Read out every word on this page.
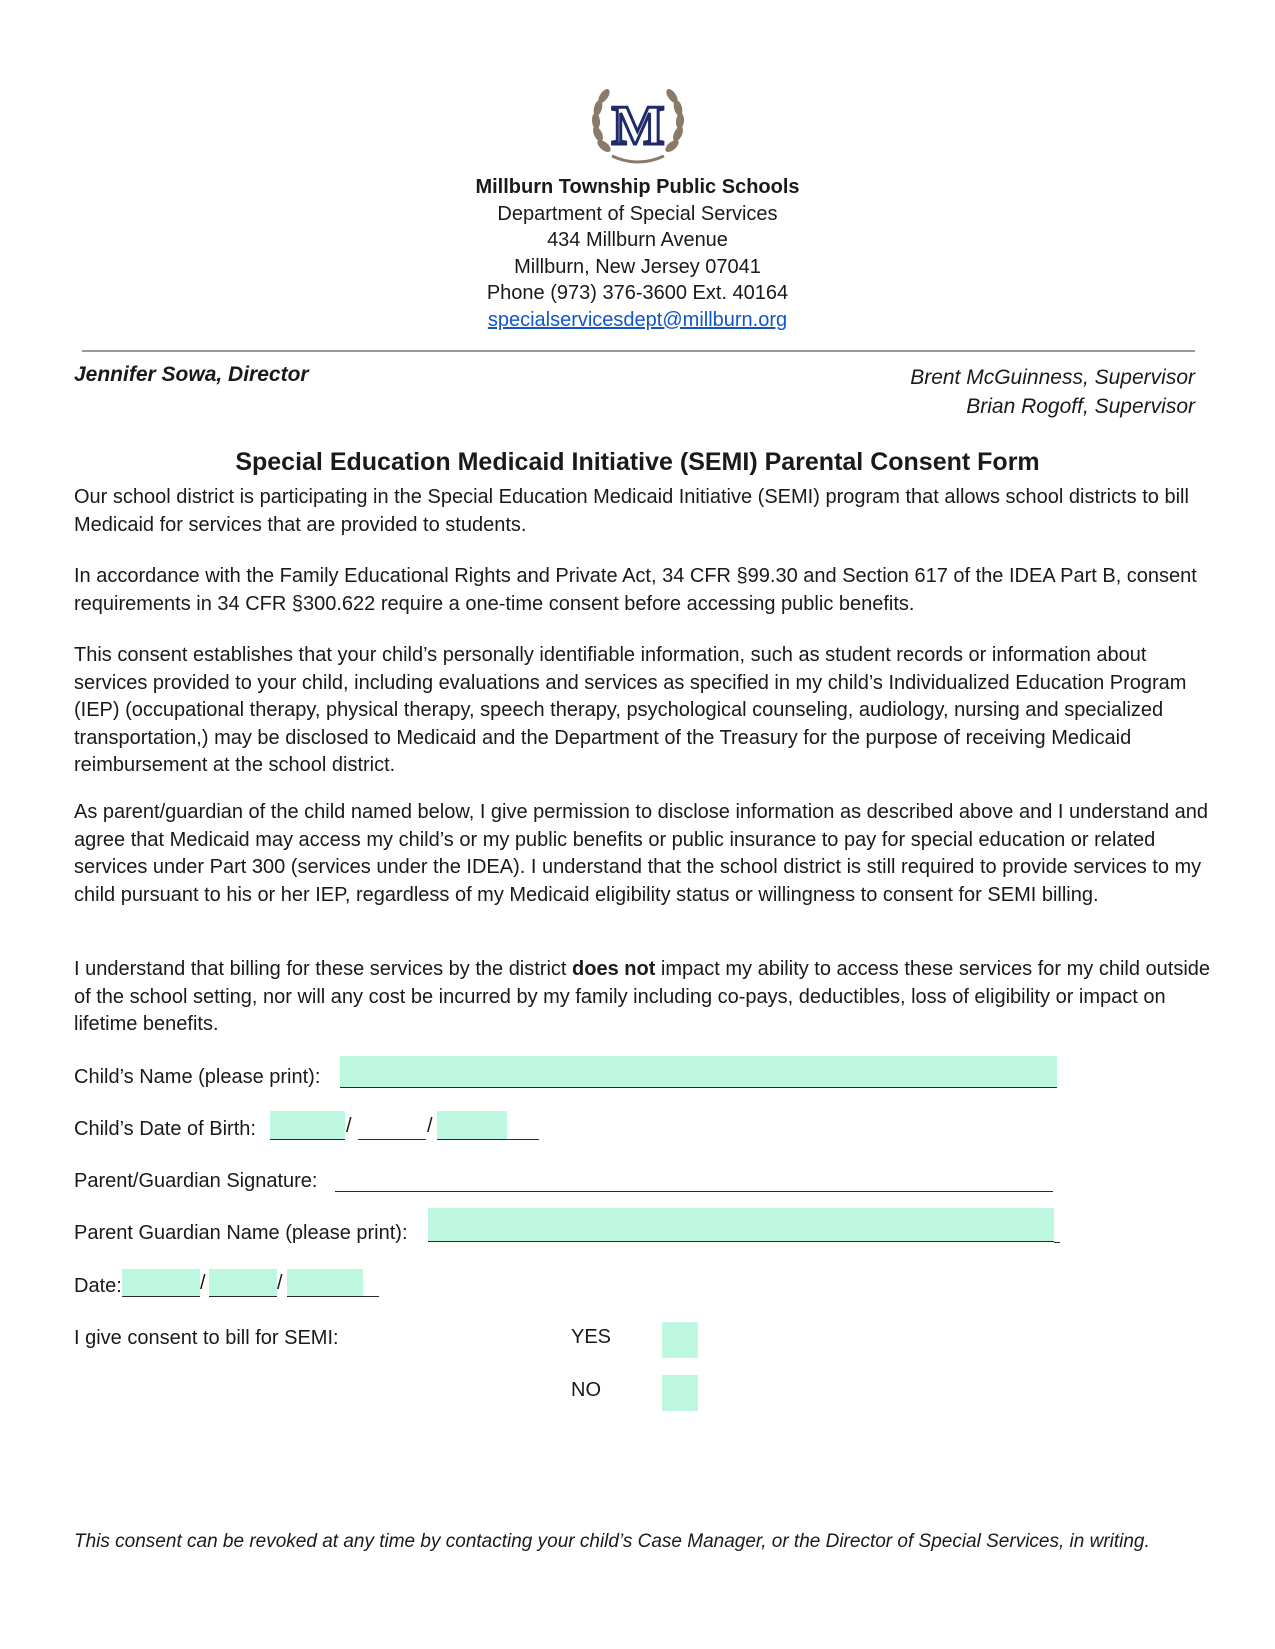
M
Millburn Township Public Schools
Department of Special Services
434 Millburn Avenue
Millburn, New Jersey 07041
Phone (973) 376-3600 Ext. 40164
specialservicesdept@millburn.org
Jennifer Sowa, Director	Brent McGuinness, Supervisor
Brian Rogoff, Supervisor
Special Education Medicaid Initiative (SEMI) Parental Consent Form

Our school district is participating in the Special Education Medicaid Initiative (SEMI) program that allows school districts to bill Medicaid for services that are provided to students.

In accordance with the Family Educational Rights and Private Act, 34 CFR §99.30 and Section 617 of the IDEA Part B, consent requirements in 34 CFR §300.622 require a one-time consent before accessing public benefits.

This consent establishes that your child’s personally identifiable information, such as student records or information about services provided to your child, including evaluations and services as specified in my child’s Individualized Education Program (IEP) (occupational therapy, physical therapy, speech therapy, psychological counseling, audiology, nursing and specialized transportation,) may be disclosed to Medicaid and the Department of the Treasury for the purpose of receiving Medicaid reimbursement at the school district.

As parent/guardian of the child named below, I give permission to disclose information as described above and I understand and agree that Medicaid may access my child’s or my public benefits or public insurance to pay for special education or related services under Part 300 (services under the IDEA). I understand that the school district is still required to provide services to my child pursuant to his or her IEP, regardless of my Medicaid eligibility status or willingness to consent for SEMI billing.

I understand that billing for these services by the district does not impact my ability to access these services for my child outside of the school setting, nor will any cost be incurred by my family including co-pays, deductibles, loss of eligibility or impact on lifetime benefits.

Child’s Name (please print):
Child’s Date of Birth:	/	/
Parent/Guardian Signature:
Parent Guardian Name (please print):
Date:	/	/
I give consent to bill for SEMI:	YES
NO
This consent can be revoked at any time by contacting your child’s Case Manager, or the Director of Special Services, in writing.
